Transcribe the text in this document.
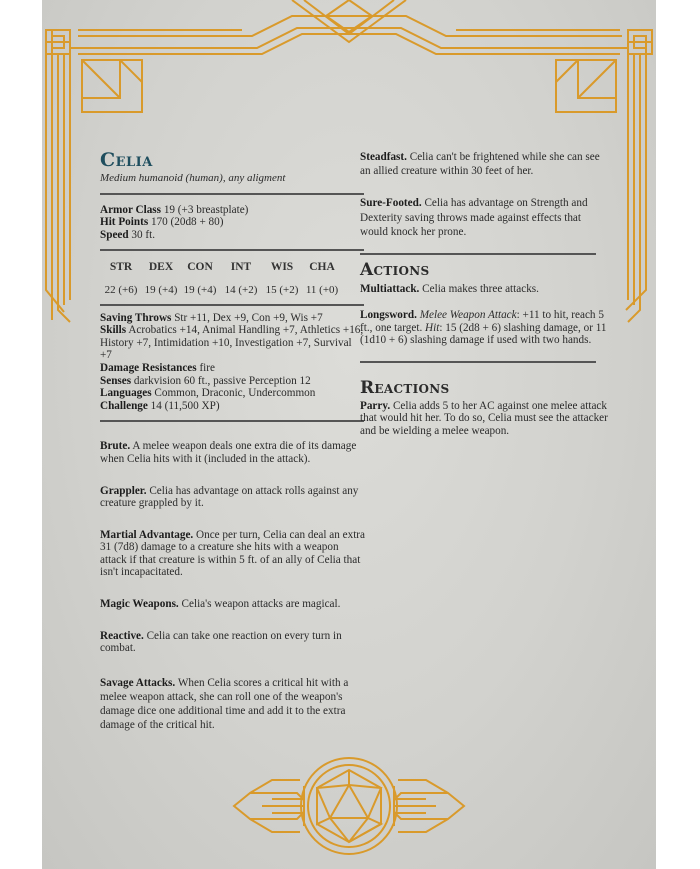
Celia
Medium humanoid (human), any aligment
Armor Class 19 (+3 breastplate)
Hit Points 170 (20d8 + 80)
Speed 30 ft.
STR
22 (+6)
DEX
19 (+4)
CON
19 (+4)
INT
14 (+2)
WIS
15 (+2)
CHA
11 (+0)
Saving Throws Str +11, Dex +9, Con +9, Wis +7
Skills Acrobatics +14, Animal Handling +7, Athletics +16, History +7, Intimidation +10, Investigation +7, Survival +7
Damage Resistances fire
Senses darkvision 60 ft., passive Perception 12
Languages Common, Draconic, Undercommon
Challenge 14 (11,500 XP)

Brute. A melee weapon deals one extra die of its damage when Celia hits with it (included in the attack).

Grappler. Celia has advantage on attack rolls against any creature grappled by it.

Martial Advantage. Once per turn, Celia can deal an extra 31 (7d8) damage to a creature she hits with a weapon attack if that creature is within 5 ft. of an ally of Celia that isn't incapacitated.

Magic Weapons. Celia's weapon attacks are magical.

Reactive. Celia can take one reaction on every turn in combat.

Savage Attacks. When Celia scores a critical hit with a melee weapon attack, she can roll one of the weapon's damage dice one additional time and add it to the extra damage of the critical hit.

Steadfast. Celia can't be frightened while she can see an allied creature within 30 feet of her.

Sure-Footed. Celia has advantage on Strength and Dexterity saving throws made against effects that would knock her prone.

Actions

Multiattack. Celia makes three attacks.

Longsword. Melee Weapon Attack: +11 to hit, reach 5 ft., one target. Hit: 15 (2d8 + 6) slashing damage, or 11 (1d10 + 6) slashing damage if used with two hands.

Reactions

Parry. Celia adds 5 to her AC against one melee attack that would hit her. To do so, Celia must see the attacker and be wielding a melee weapon.
